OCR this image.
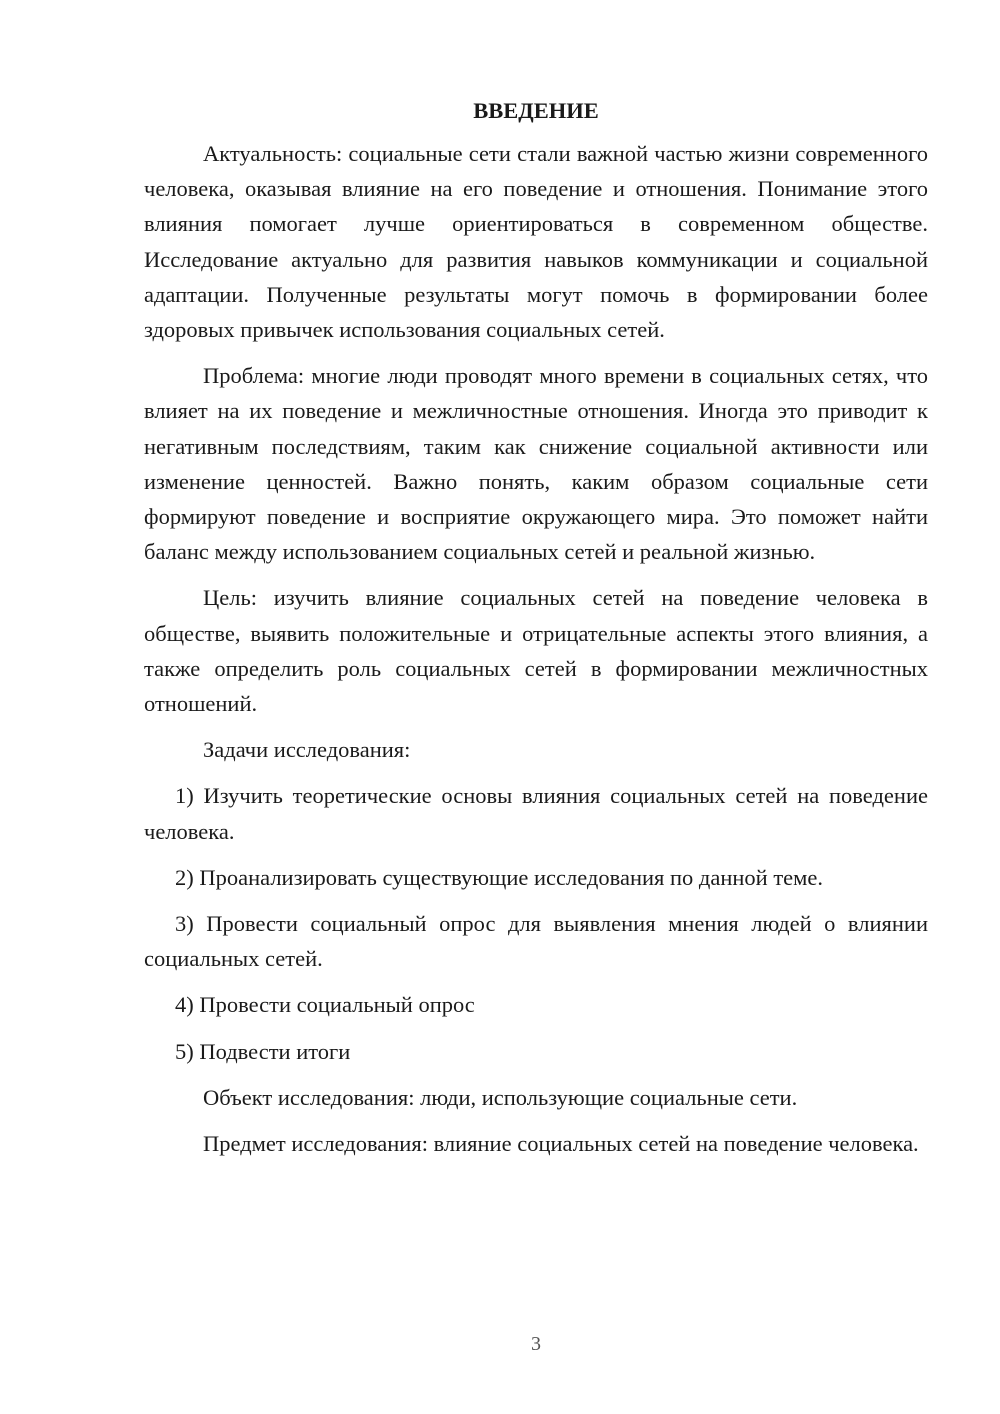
ВВЕДЕНИЕ

Актуальность: социальные сети стали важной частью жизни современного человека, оказывая влияние на его поведение и отношения. Понимание этого влияния помогает лучше ориентироваться в современном обществе. Исследование актуально для развития навыков коммуникации и социальной адаптации. Полученные результаты могут помочь в формировании более здоровых привычек использования социальных сетей.

Проблема: многие люди проводят много времени в социальных сетях, что влияет на их поведение и межличностные отношения. Иногда это приводит к негативным последствиям, таким как снижение социальной активности или изменение ценностей. Важно понять, каким образом социальные сети формируют поведение и восприятие окружающего мира. Это поможет найти баланс между использованием социальных сетей и реальной жизнью.

Цель: изучить влияние социальных сетей на поведение человека в обществе, выявить положительные и отрицательные аспекты этого влияния, а также определить роль социальных сетей в формировании межличностных отношений.

Задачи исследования:

1) Изучить теоретические основы влияния социальных сетей на поведение человека.

2) Проанализировать существующие исследования по данной теме.

3) Провести социальный опрос для выявления мнения людей о влиянии социальных сетей.

4) Провести социальный опрос

5) Подвести итоги

Объект исследования: люди, использующие социальные сети.

Предмет исследования: влияние социальных сетей на поведение человека.

3
